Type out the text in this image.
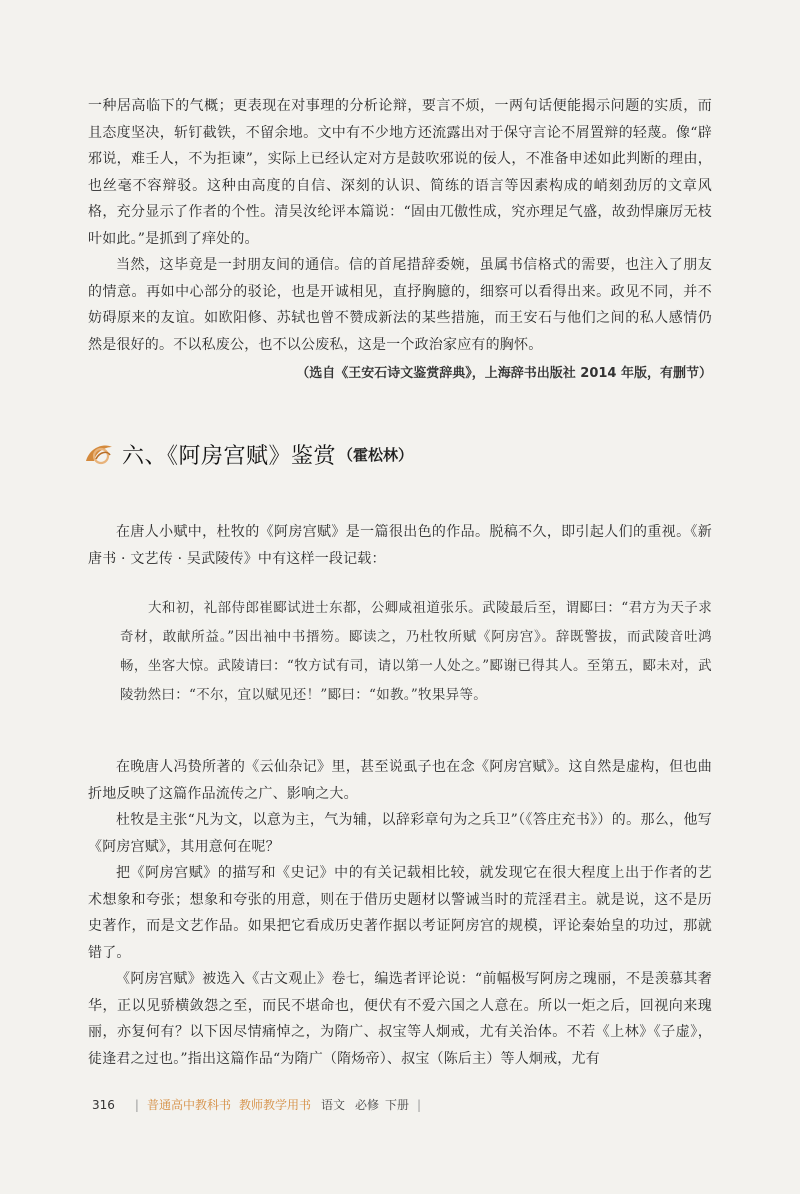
一种居高临下的气概；更表现在对事理的分析论辩，要言不烦，一两句话便能揭示问题的实质，而且态度坚决，斩钉截铁，不留余地。文中有不少地方还流露出对于保守言论不屑置辩的轻蔑。像“辟邪说，难壬人，不为拒谏”，实际上已经认定对方是鼓吹邪说的佞人，不准备申述如此判断的理由，也丝毫不容辩驳。这种由高度的自信、深刻的认识、简练的语言等因素构成的峭刻劲厉的文章风格，充分显示了作者的个性。清吴汝纶评本篇说：“固由兀傲性成，究亦理足气盛，故劲悍廉厉无枝叶如此。”是抓到了痒处的。
当然，这毕竟是一封朋友间的通信。信的首尾措辞委婉，虽属书信格式的需要，也注入了朋友的情意。再如中心部分的驳论，也是开诚相见，直抒胸臆的，细察可以看得出来。政见不同，并不妨碍原来的友谊。如欧阳修、苏轼也曾不赞成新法的某些措施，而王安石与他们之间的私人感情仍然是很好的。不以私废公，也不以公废私，这是一个政治家应有的胸怀。
（选自《王安石诗文鉴赏辞典》，上海辞书出版社 2014 年版，有删节）
六、《阿房宫赋》鉴赏 （霍松林）
在唐人小赋中，杜牧的《阿房宫赋》是一篇很出色的作品。脱稿不久，即引起人们的重视。《新唐书 · 文艺传 · 吴武陵传》中有这样一段记载：
大和初，礼部侍郎崔郾试进士东都，公卿咸祖道张乐。武陵最后至，谓郾曰：“君方为天子求奇材，敢献所益。”因出袖中书搢笏。郾读之，乃杜牧所赋《阿房宫》。辞既警拔，而武陵音吐鸿畅，坐客大惊。武陵请曰：“牧方试有司，请以第一人处之。”郾谢已得其人。至第五，郾未对，武陵勃然曰：“不尔，宜以赋见还！”郾曰：“如教。”牧果异等。
在晚唐人冯贽所著的《云仙杂记》里，甚至说虱子也在念《阿房宫赋》。这自然是虚构，但也曲折地反映了这篇作品流传之广、影响之大。
杜牧是主张“凡为文，以意为主，气为辅，以辞彩章句为之兵卫”（《答庄充书》）的。那么，他写《阿房宫赋》，其用意何在呢？
把《阿房宫赋》的描写和《史记》中的有关记载相比较，就发现它在很大程度上出于作者的艺术想象和夸张；想象和夸张的用意，则在于借历史题材以警诫当时的荒淫君主。就是说，这不是历史著作，而是文艺作品。如果把它看成历史著作据以考证阿房宫的规模，评论秦始皇的功过，那就错了。
《阿房宫赋》被选入《古文观止》卷七，编选者评论说：“前幅极写阿房之瑰丽，不是羡慕其奢华，正以见骄横敛怨之至，而民不堪命也，便伏有不爱六国之人意在。所以一炬之后，回视向来瑰丽，亦复何有？以下因尽情痛悼之，为隋广、叔宝等人炯戒，尤有关治体。不若《上林》《子虚》，徒逢君之过也。”指出这篇作品“为隋广（隋炀帝）、叔宝（陈后主）等人炯戒，尤有
316 | 普通高中教科书 教师教学用书 语文 必修 下册 |
